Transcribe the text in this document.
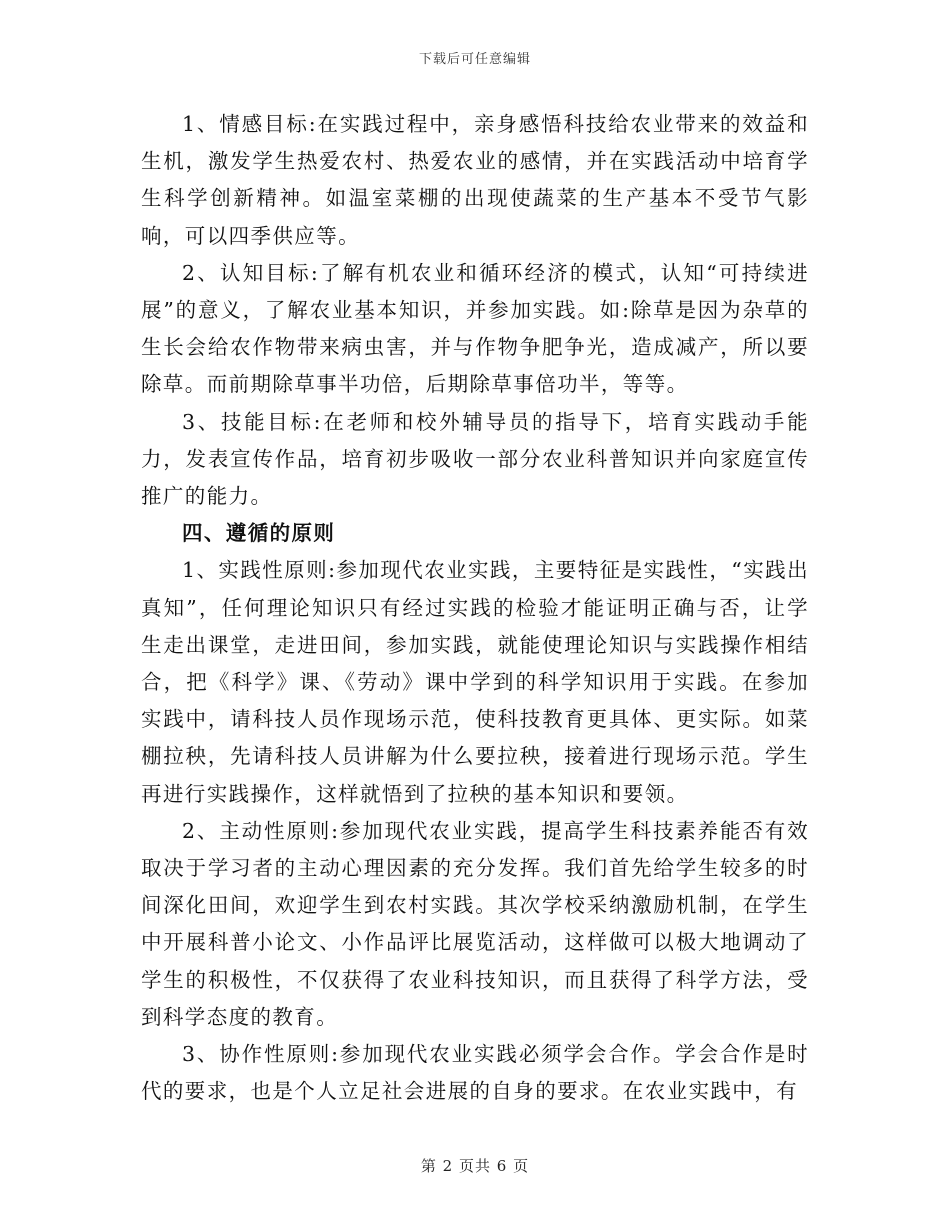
下载后可任意编辑

1、情感目标:在实践过程中，亲身感悟科技给农业带来的效益和生机，激发学生热爱农村、热爱农业的感情，并在实践活动中培育学生科学创新精神。如温室菜棚的出现使蔬菜的生产基本不受节气影响，可以四季供应等。

2、认知目标:了解有机农业和循环经济的模式，认知“可持续进展”的意义，了解农业基本知识，并参加实践。如:除草是因为杂草的生长会给农作物带来病虫害，并与作物争肥争光，造成减产，所以要除草。而前期除草事半功倍，后期除草事倍功半，等等。

3、技能目标:在老师和校外辅导员的指导下，培育实践动手能力，发表宣传作品，培育初步吸收一部分农业科普知识并向家庭宣传推广的能力。

四、遵循的原则

1、实践性原则:参加现代农业实践，主要特征是实践性，“实践出真知”，任何理论知识只有经过实践的检验才能证明正确与否，让学生走出课堂，走进田间，参加实践，就能使理论知识与实践操作相结合，把《科学》课、《劳动》课中学到的科学知识用于实践。在参加实践中，请科技人员作现场示范，使科技教育更具体、更实际。如菜棚拉秧，先请科技人员讲解为什么要拉秧，接着进行现场示范。学生再进行实践操作，这样就悟到了拉秧的基本知识和要领。

2、主动性原则:参加现代农业实践，提高学生科技素养能否有效取决于学习者的主动心理因素的充分发挥。我们首先给学生较多的时间深化田间，欢迎学生到农村实践。其次学校采纳激励机制，在学生中开展科普小论文、小作品评比展览活动，这样做可以极大地调动了学生的积极性，不仅获得了农业科技知识，而且获得了科学方法，受到科学态度的教育。

3、协作性原则:参加现代农业实践必须学会合作。学会合作是时代的要求，也是个人立足社会进展的自身的要求。在农业实践中，有

第 2 页共 6 页
